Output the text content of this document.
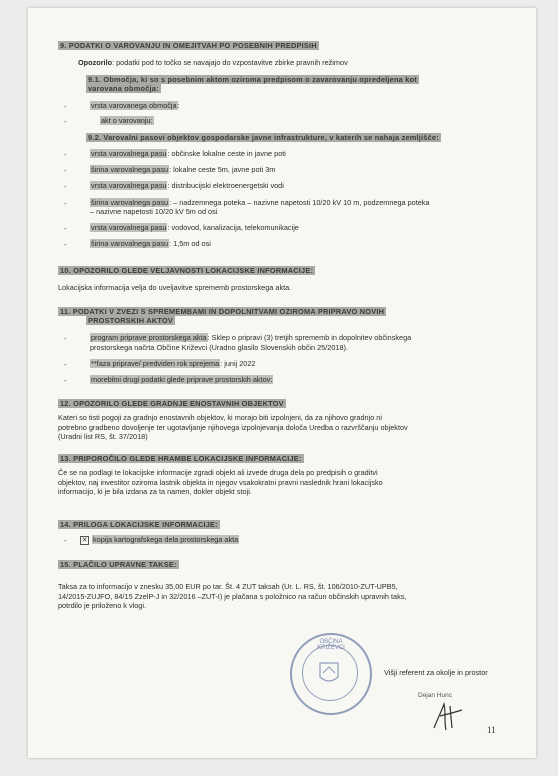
9. PODATKI O VAROVANJU IN OMEJITVAH PO POSEBNIH PREDPISIH
Opozorilo: podatki pod to točko se navajajo do vzpostavitve zbirke pravnih režimov
9.1. Območja, ki so s posebnim aktom oziroma predpisom o zavarovanju opredeljena kot
varovana območja:
-	vrsta varovanega območja:
-	akt o varovanju:
9.2. Varovalni pasovi objektov gospodarske javne infrastrukture, v katerih se nahaja zemljišče:
-	vrsta varovalnega pasu: občinske lokalne ceste in javne poti
-	širina varovalnega pasu: lokalne ceste 5m, javne poti 3m
-	vrsta varovalnega pasu: distribucijski elektroenergetski vodi
-	širina varovalnega pasu: – nadzemnega poteka – nazivne napetosti 10/20 kV 10 m, podzemnega poteka
– nazivne napetosti 10/20 kV 5m od osi
-	vrsta varovalnega pasu: vodovod, kanalizacija, telekomunikacije
-	širina varovalnega pasu: 1,5m od osi
10. OPOZORILO GLEDE VELJAVNOSTI LOKACIJSKE INFORMACIJE:
Lokacijska informacija velja do uveljavitve sprememb prostorskega akta.
11. PODATKI V ZVEZI S SPREMEMBAMI IN DOPOLNITVAMI OZIROMA PRIPRAVO NOVIH
PROSTORSKIH AKTOV
-	program priprave prostorskega akta: Sklep o pripravi (3) tretjih sprememb in dopolnitev občinskega
prostorskega načrta Občine Križevci (Uradno glasilo Slovenskih občin 25/2018).
-	**faza priprave/ predviden rok sprejema: junij 2022
-	morebitni drugi podatki glede priprave prostorskih aktov:
12. OPOZORILO GLEDE GRADNJE ENOSTAVNIH OBJEKTOV
Kateri so tisti pogoji za gradnjo enostavnih objektov, ki morajo biti izpolnjeni, da za njihovo gradnjo ni
potrebno gradbeno dovoljenje ter ugotavljanje njihovega izpolnjevanja določa Uredba o razvrščanju objektov
(Uradni list RS, št. 37/2018)
13. PRIPOROČILO GLEDE HRAMBE LOKACIJSKE INFORMACIJE:
Če se na podlagi te lokacijske informacije zgradi objekt ali izvede druga dela po predpisih o graditvi
objektov, naj investitor oziroma lastnik objekta in njegov vsakokratni pravni naslednik hrani lokacijsko
informacijo, ki je bila izdana za ta namen, dokler objekt stoji.
14. PRILOGA LOKACIJSKE INFORMACIJE:
- ✕ kopija kartografskega dela prostorskega akta
15. PLAČILO UPRAVNE TAKSE:
Taksa za to informacijo v znesku 35,00 EUR po tar. Št. 4 ZUT taksah (Ur. L. RS, št. 106/2010-ZUT-UPB5,
14/2015-ZUJFO, 84/15 ZzelP-J in 32/2016 –ZUT-I) je plačana s položnico na račun občinskih upravnih taks,
potrdilo je priloženo k vlogi.
OBČINA KRIŽEVCI
Višji referent za okolje in prostor
Dejan Hunc
11
